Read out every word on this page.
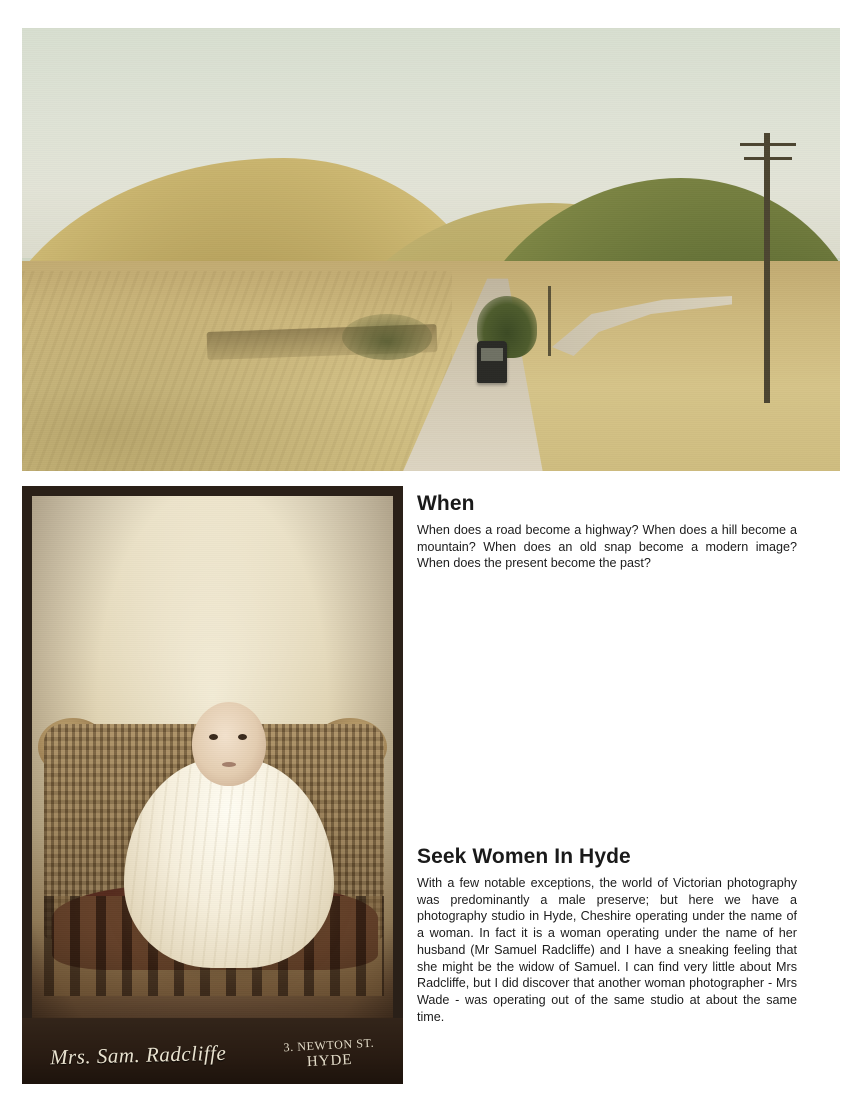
Mrs. Sam. Radcliffe	3. NEWTON ST.
HYDE
When

When does a road become a highway? When does a hill become a mountain? When does an old snap become a modern image? When does the present become the past?

Seek Women In Hyde

With a few notable exceptions, the world of Victorian photography was predominantly a male preserve; but here we have a photography studio in Hyde, Cheshire operating under the name of a woman. In fact it is a woman operating under the name of her husband (Mr Samuel Radcliffe) and I have a sneaking feeling that she might be the widow of Samuel. I can find very little about Mrs Radcliffe, but I did discover that another woman photographer - Mrs Wade - was operating out of the same studio at about the same time.
